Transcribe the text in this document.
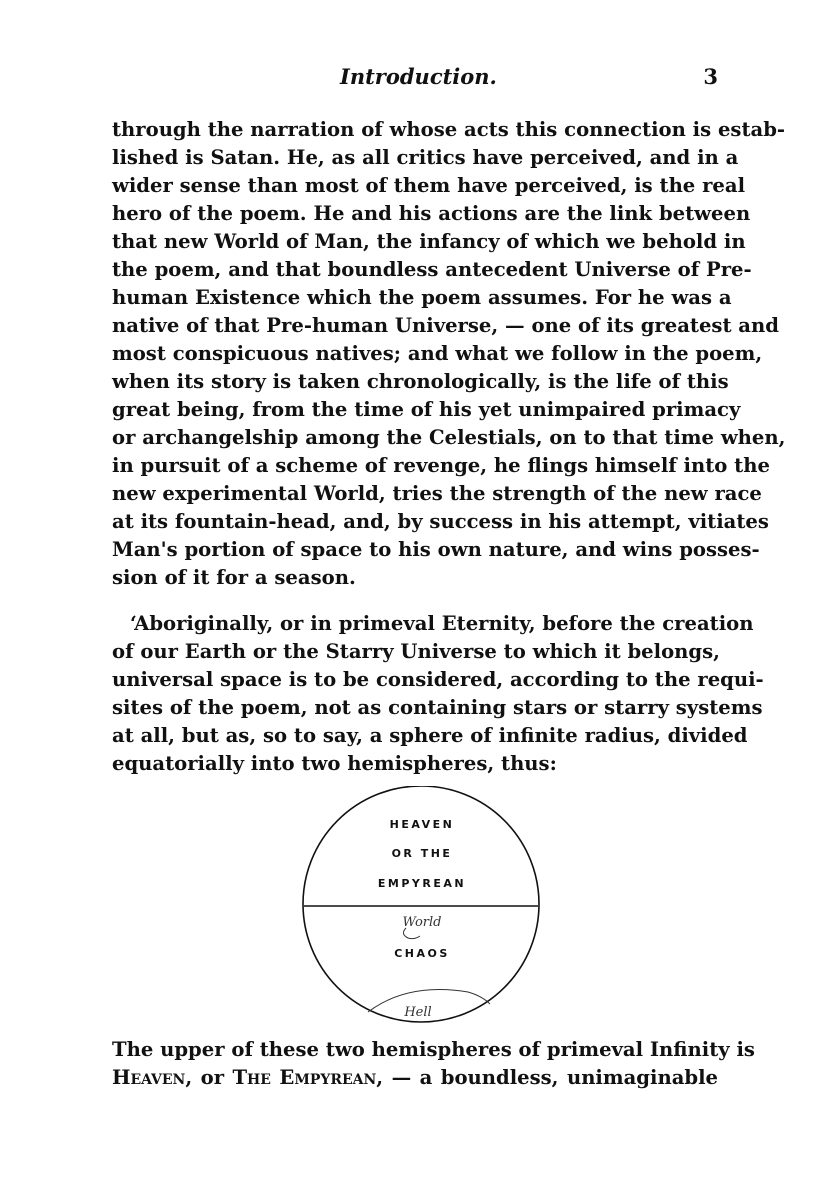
Introduction.	3
through the narration of whose acts this connection is estab-
lished is Satan. He, as all critics have perceived, and in a
wider sense than most of them have perceived, is the real
hero of the poem. He and his actions are the link between
that new World of Man, the infancy of which we behold in
the poem, and that boundless antecedent Universe of Pre-
human Existence which the poem assumes. For he was a
native of that Pre-human Universe, — one of its greatest and
most conspicuous natives; and what we follow in the poem,
when its story is taken chronologically, is the life of this
great being, from the time of his yet unimpaired primacy
or archangelship among the Celestials, on to that time when,
in pursuit of a scheme of revenge, he flings himself into the
new experimental World, tries the strength of the new race
at its fountain-head, and, by success in his attempt, vitiates
Man's portion of space to his own nature, and wins posses-
sion of it for a season.
‘Aboriginally, or in primeval Eternity, before the creation
of our Earth or the Starry Universe to which it belongs,
universal space is to be considered, according to the requi-
sites of the poem, not as containing stars or starry systems
at all, but as, so to say, a sphere of infinite radius, divided
equatorially into two hemispheres, thus:
HEAVEN
OR THE
EMPYREAN
World
CHAOS
Hell
The upper of these two hemispheres of primeval Infinity is
Heaven, or The Empyrean, — a boundless, unimaginable
